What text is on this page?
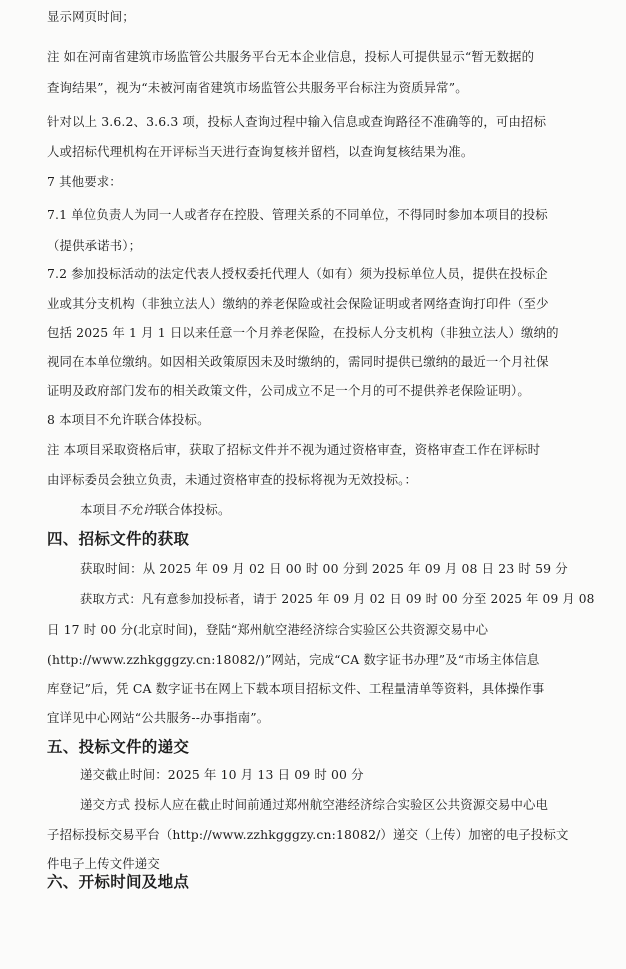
显示网页时间；
注 如在河南省建筑市场监管公共服务平台无本企业信息，投标人可提供显示“暂无数据的
查询结果”，视为“未被河南省建筑市场监管公共服务平台标注为资质异常”。
针对以上 3.6.2、3.6.3 项，投标人查询过程中输入信息或查询路径不准确等的，可由招标
人或招标代理机构在开评标当天进行查询复核并留档，以查询复核结果为准。
7 其他要求：
7.1 单位负责人为同一人或者存在控股、管理关系的不同单位，不得同时参加本项目的投标
（提供承诺书）；
7.2 参加投标活动的法定代表人授权委托代理人（如有）须为投标单位人员，提供在投标企
业或其分支机构（非独立法人）缴纳的养老保险或社会保险证明或者网络查询打印件（至少
包括 2025 年 1 月 1 日以来任意一个月养老保险，在投标人分支机构（非独立法人）缴纳的
视同在本单位缴纳。如因相关政策原因未及时缴纳的，需同时提供已缴纳的最近一个月社保
证明及政府部门发布的相关政策文件，公司成立不足一个月的可不提供养老保险证明）。
8 本项目不允许联合体投标。
注 本项目采取资格后审，获取了招标文件并不视为通过资格审查，资格审查工作在评标时
由评标委员会独立负责，未通过资格审查的投标将视为无效投标。：
本项目不允许联合体投标。
四、招标文件的获取
获取时间：从 2025 年 09 月 02 日 00 时 00 分到 2025 年 09 月 08 日 23 时 59 分
获取方式：凡有意参加投标者，请于 2025 年 09 月 02 日 09 时 00 分至 2025 年 09 月 08
日 17 时 00 分(北京时间)，登陆“郑州航空港经济综合实验区公共资源交易中心
(http://www.zzhkgggzy.cn:18082/)”网站，完成“CA 数字证书办理”及“市场主体信息
库登记”后，凭 CA 数字证书在网上下载本项目招标文件、工程量清单等资料，具体操作事
宜详见中心网站“公共服务--办事指南”。
五、投标文件的递交
递交截止时间：2025 年 10 月 13 日 09 时 00 分
递交方式 投标人应在截止时间前通过郑州航空港经济综合实验区公共资源交易中心电
子招标投标交易平台（http://www.zzhkgggzy.cn:18082/）递交（上传）加密的电子投标文
件电子上传文件递交
六、开标时间及地点
